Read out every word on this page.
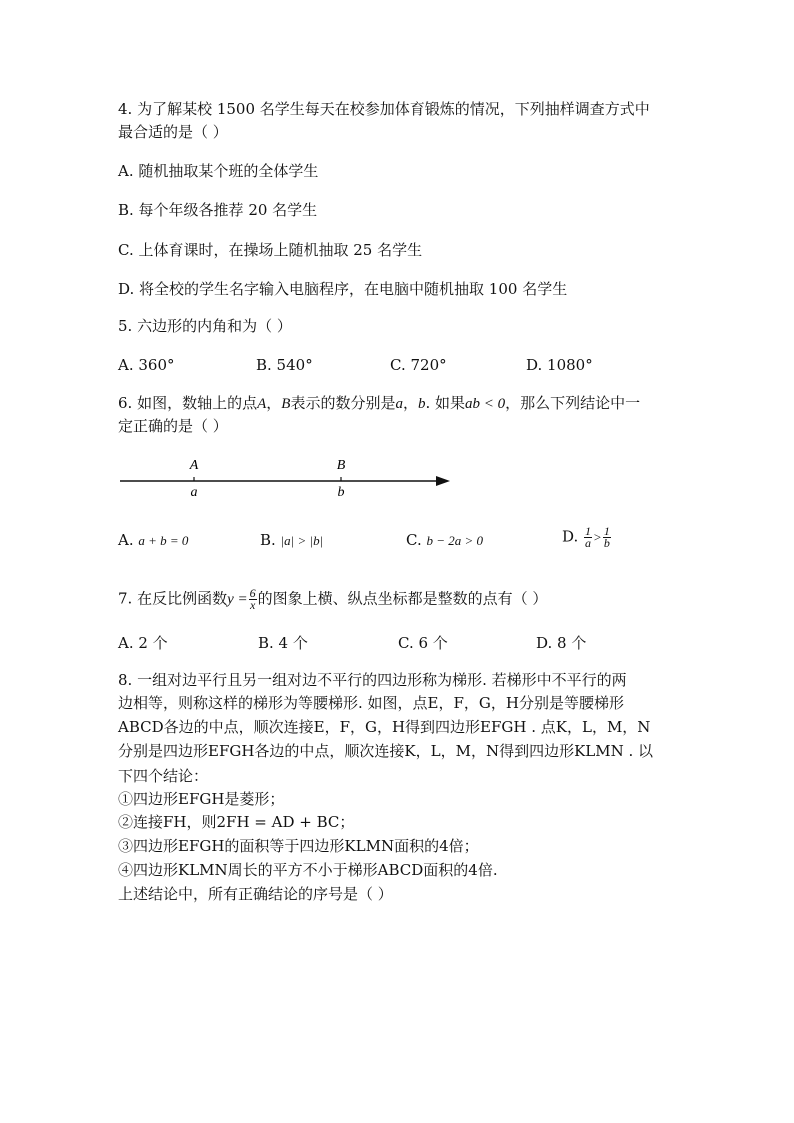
4. 为了解某校 1500 名学生每天在校参加体育锻炼的情况，下列抽样调查方式中
最合适的是（ ）
A. 随机抽取某个班的全体学生
B. 每个年级各推荐 20 名学生
C. 上体育课时，在操场上随机抽取 25 名学生
D. 将全校的学生名字输入电脑程序，在电脑中随机抽取 100 名学生
5. 六边形的内角和为（ ）
A. 360°	B. 540°	C. 720°	D. 1080°
6. 如图，数轴上的点A，B表示的数分别是a，b. 如果ab < 0，那么下列结论中一
定正确的是（ ）
A	B
a	b
A. a + b = 0	B. |a| > |b|	C. b − 2a > 0	D. $\frac{1}{a} > \frac{1}{b}$
7. 在反比例函数$y = \frac{6}{x}$ 的图象上横、纵点坐标都是整数的点有（ ）
A. 2 个	B. 4 个	C. 6 个	D. 8 个
8. 一组对边平行且另一组对边不平行的四边形称为梯形. 若梯形中不平行的两
边相等，则称这样的梯形为等腰梯形. 如图，点E，F，G，H分别是等腰梯形
ABCD各边的中点，顺次连接E，F，G，H得到四边形EFGH . 点K，L，M，N
分别是四边形EFGH各边的中点，顺次连接K，L，M，N得到四边形KLMN . 以
下四个结论：
①四边形EFGH是菱形；
②连接FH，则2FH = AD + BC；
③四边形EFGH的面积等于四边形KLMN面积的4倍；
④四边形KLMN周长的平方不小于梯形ABCD面积的4倍.
上述结论中，所有正确结论的序号是（ ）
